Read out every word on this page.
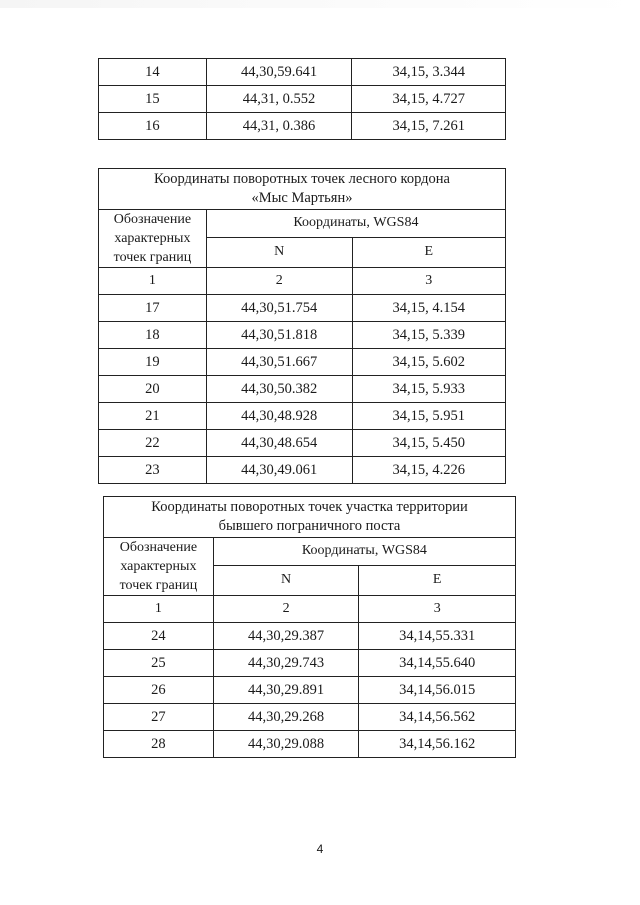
14	44,30,59.641	34,15, 3.344
15	44,31, 0.552	34,15, 4.727
16	44,31, 0.386	34,15, 7.261
Координаты поворотных точек лесного кордона
«Мыс Мартьян»		

Обозначение характерных точек границ	Координаты, WGS84	
	N	E
1	2	3
17	44,30,51.754	34,15, 4.154
18	44,30,51.818	34,15, 5.339
19	44,30,51.667	34,15, 5.602
20	44,30,50.382	34,15, 5.933
21	44,30,48.928	34,15, 5.951
22	44,30,48.654	34,15, 5.450
23	44,30,49.061	34,15, 4.226
Координаты поворотных точек участка территории
бывшего пограничного поста		

Обозначение характерных точек границ	Координаты, WGS84	
	N	E
1	2	3
24	44,30,29.387	34,14,55.331
25	44,30,29.743	34,14,55.640
26	44,30,29.891	34,14,56.015
27	44,30,29.268	34,14,56.562
28	44,30,29.088	34,14,56.162
4
